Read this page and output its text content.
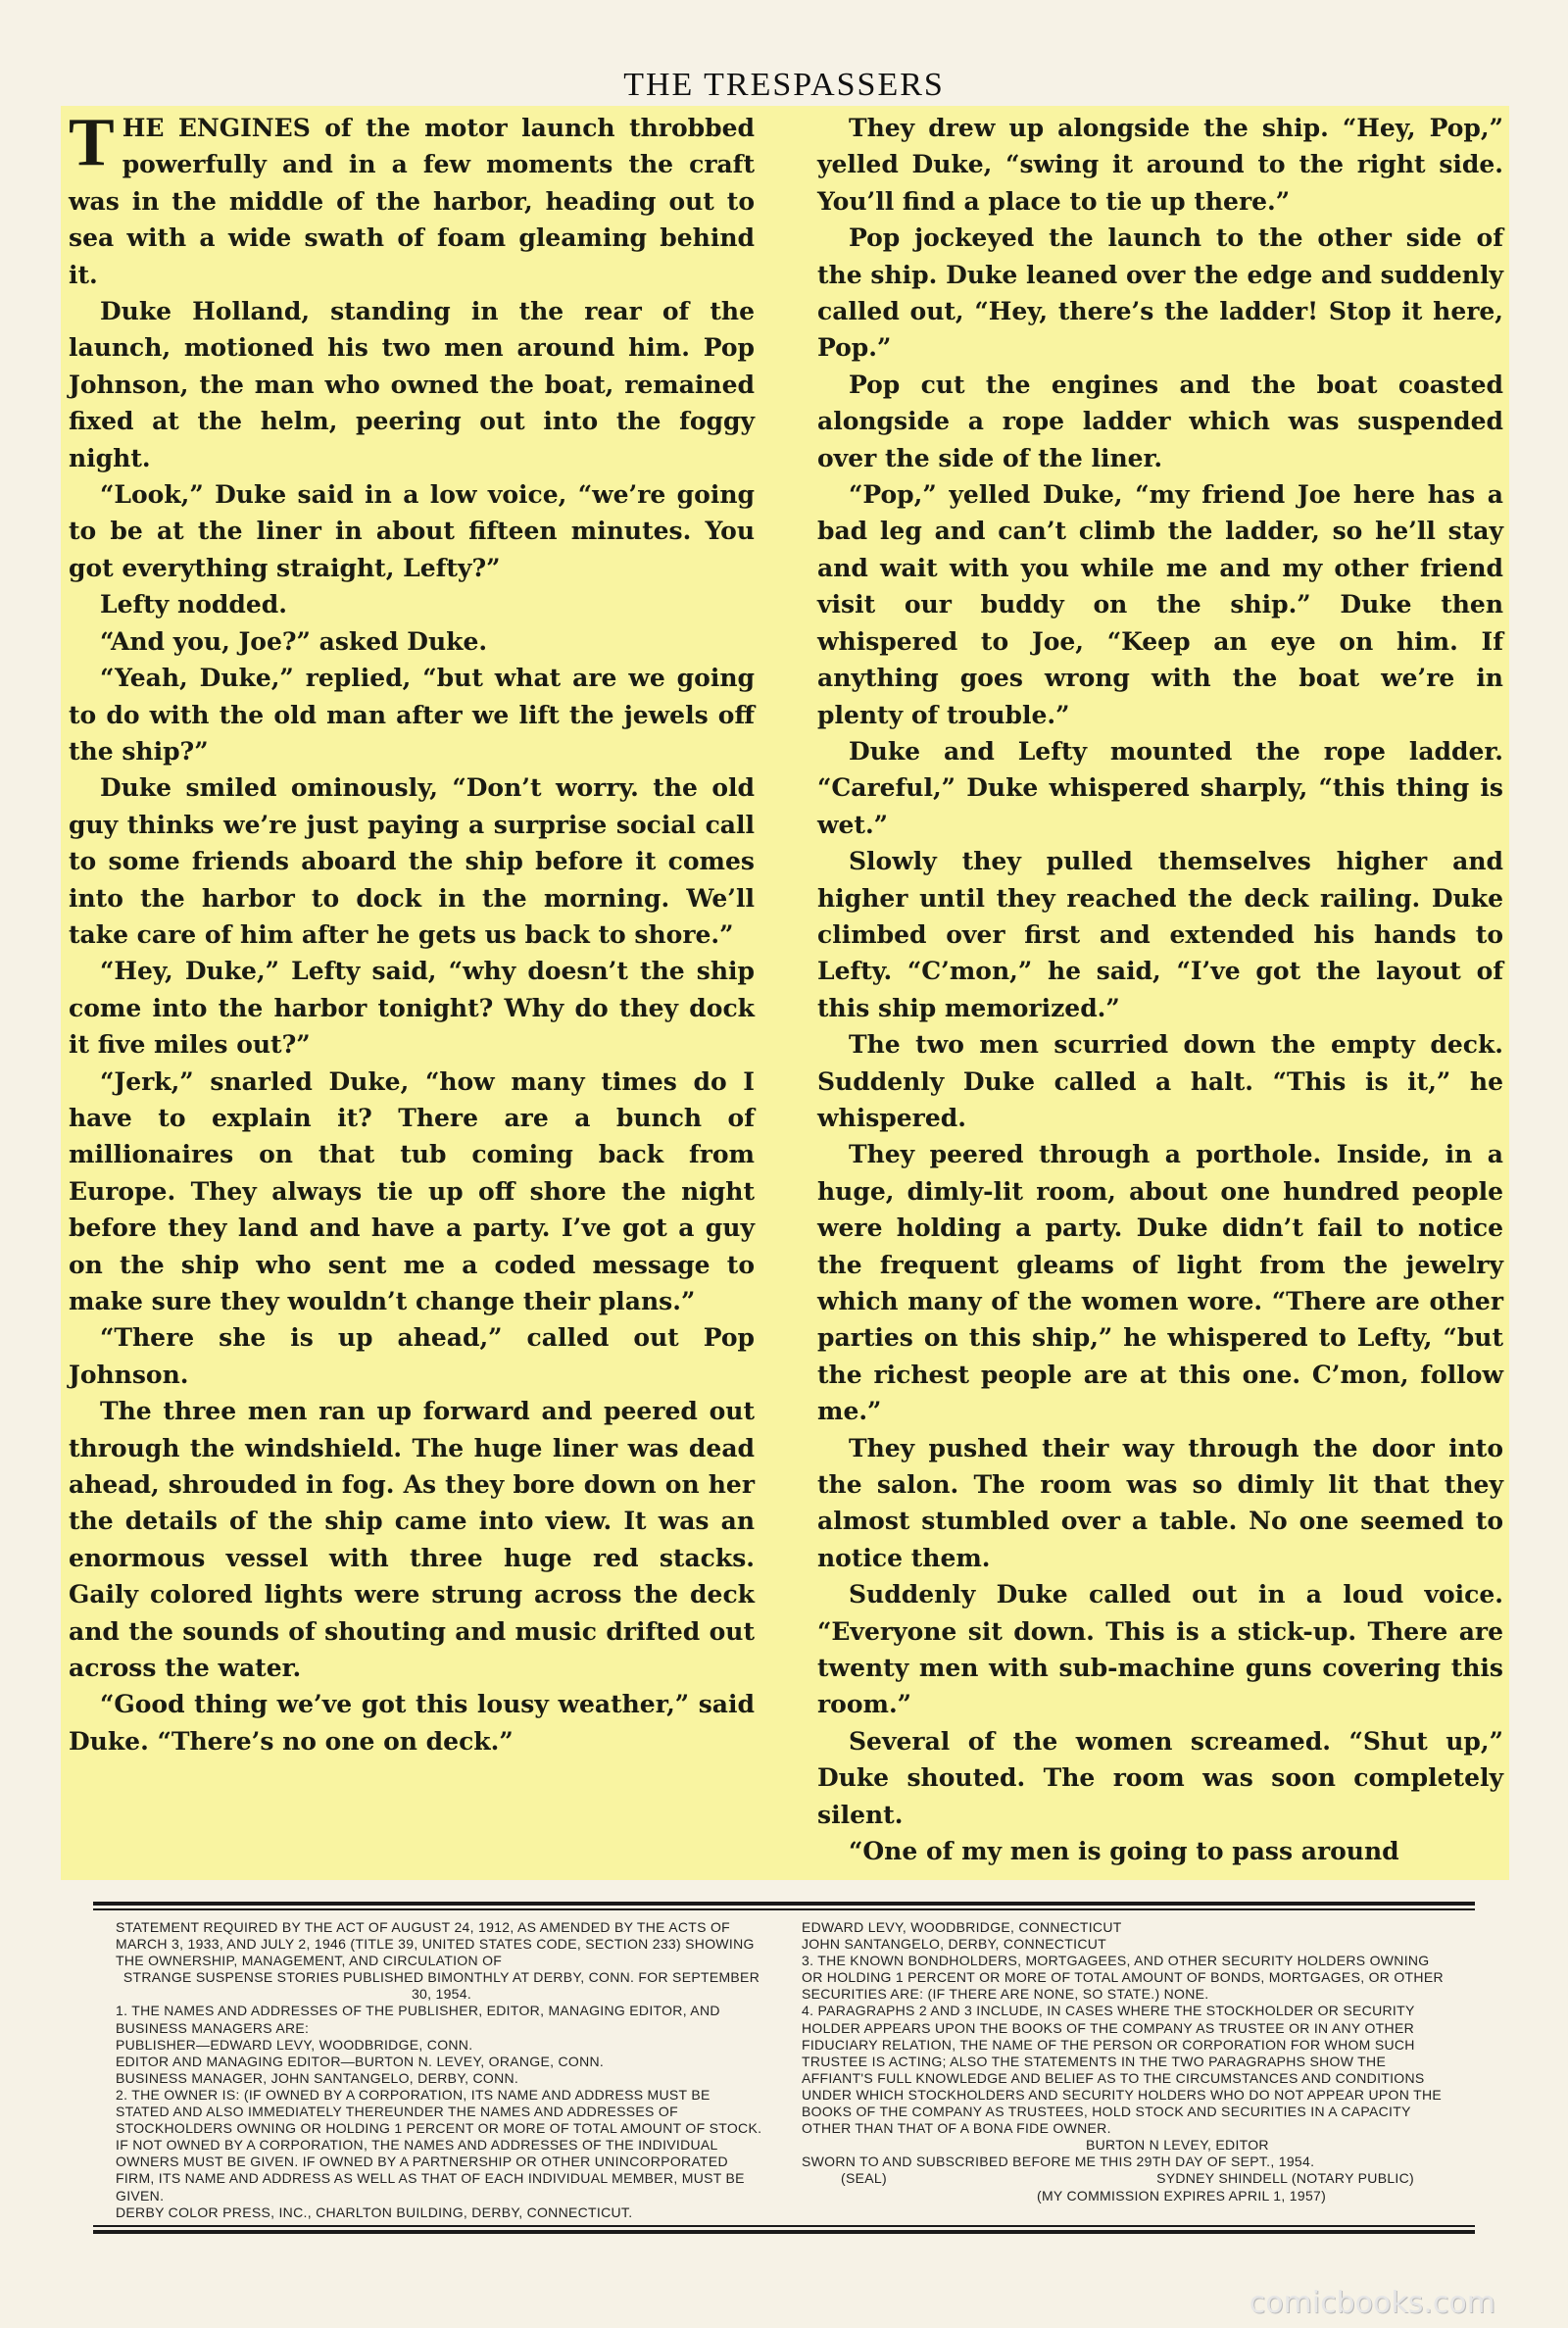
THE TRESPASSERS

THE ENGINES of the motor launch throbbed powerfully and in a few moments the craft was in the middle of the harbor, heading out to sea with a wide swath of foam gleaming behind it.

Duke Holland, standing in the rear of the launch, motioned his two men around him. Pop Johnson, the man who owned the boat, remained fixed at the helm, peering out into the foggy night.

“Look,” Duke said in a low voice, “we’re going to be at the liner in about fifteen minutes. You got everything straight, Lefty?”

Lefty nodded.

“And you, Joe?” asked Duke.

“Yeah, Duke,” replied, “but what are we going to do with the old man after we lift the jewels off the ship?”

Duke smiled ominously, “Don’t worry. the old guy thinks we’re just paying a surprise social call to some friends aboard the ship before it comes into the harbor to dock in the morning. We’ll take care of him after he gets us back to shore.”

“Hey, Duke,” Lefty said, “why doesn’t the ship come into the harbor tonight? Why do they dock it five miles out?”

“Jerk,” snarled Duke, “how many times do I have to explain it? There are a bunch of millionaires on that tub coming back from Europe. They always tie up off shore the night before they land and have a party. I’ve got a guy on the ship who sent me a coded message to make sure they wouldn’t change their plans.”

“There she is up ahead,” called out Pop Johnson.

The three men ran up forward and peered out through the windshield. The huge liner was dead ahead, shrouded in fog. As they bore down on her the details of the ship came into view. It was an enormous vessel with three huge red stacks. Gaily colored lights were strung across the deck and the sounds of shouting and music drifted out across the water.

“Good thing we’ve got this lousy weather,” said Duke. “There’s no one on deck.”

They drew up alongside the ship. “Hey, Pop,” yelled Duke, “swing it around to the right side. You’ll find a place to tie up there.”

Pop jockeyed the launch to the other side of the ship. Duke leaned over the edge and suddenly called out, “Hey, there’s the ladder! Stop it here, Pop.”

Pop cut the engines and the boat coasted alongside a rope ladder which was suspended over the side of the liner.

“Pop,” yelled Duke, “my friend Joe here has a bad leg and can’t climb the ladder, so he’ll stay and wait with you while me and my other friend visit our buddy on the ship.” Duke then whispered to Joe, “Keep an eye on him. If anything goes wrong with the boat we’re in plenty of trouble.”

Duke and Lefty mounted the rope ladder. “Careful,” Duke whispered sharply, “this thing is wet.”

Slowly they pulled themselves higher and higher until they reached the deck railing. Duke climbed over first and extended his hands to Lefty. “C’mon,” he said, “I’ve got the layout of this ship memorized.”

The two men scurried down the empty deck. Suddenly Duke called a halt. “This is it,” he whispered.

They peered through a porthole. Inside, in a huge, dimly-lit room, about one hundred people were holding a party. Duke didn’t fail to notice the frequent gleams of light from the jewelry which many of the women wore. “There are other parties on this ship,” he whispered to Lefty, “but the richest people are at this one. C’mon, follow me.”

They pushed their way through the door into the salon. The room was so dimly lit that they almost stumbled over a table. No one seemed to notice them.

Suddenly Duke called out in a loud voice. “Everyone sit down. This is a stick-up. There are twenty men with sub-machine guns covering this room.”

Several of the women screamed. “Shut up,” Duke shouted. The room was soon completely silent.

“One of my men is going to pass around

STATEMENT REQUIRED BY THE ACT OF AUGUST 24, 1912, AS AMENDED BY THE ACTS OF MARCH 3, 1933, AND JULY 2, 1946 (TITLE 39, UNITED STATES CODE, SECTION 233) SHOWING THE OWNERSHIP, MANAGEMENT, AND CIRCULATION OF
STRANGE SUSPENSE STORIES PUBLISHED BIMONTHLY AT DERBY, CONN. FOR SEPTEMBER 30, 1954.
1. THE NAMES AND ADDRESSES OF THE PUBLISHER, EDITOR, MANAGING EDITOR, AND BUSINESS MANAGERS ARE:
PUBLISHER—EDWARD LEVY, WOODBRIDGE, CONN.
EDITOR AND MANAGING EDITOR—BURTON N. LEVEY, ORANGE, CONN.
BUSINESS MANAGER, JOHN SANTANGELO, DERBY, CONN.
2. THE OWNER IS: (IF OWNED BY A CORPORATION, ITS NAME AND ADDRESS MUST BE STATED AND ALSO IMMEDIATELY THEREUNDER THE NAMES AND ADDRESSES OF STOCKHOLDERS OWNING OR HOLDING 1 PERCENT OR MORE OF TOTAL AMOUNT OF STOCK. IF NOT OWNED BY A CORPORATION, THE NAMES AND ADDRESSES OF THE INDIVIDUAL OWNERS MUST BE GIVEN. IF OWNED BY A PARTNERSHIP OR OTHER UNINCORPORATED FIRM, ITS NAME AND ADDRESS AS WELL AS THAT OF EACH INDIVIDUAL MEMBER, MUST BE GIVEN.
DERBY COLOR PRESS, INC., CHARLTON BUILDING, DERBY, CONNECTICUT.
EDWARD LEVY, WOODBRIDGE, CONNECTICUT
JOHN SANTANGELO, DERBY, CONNECTICUT
3. THE KNOWN BONDHOLDERS, MORTGAGEES, AND OTHER SECURITY HOLDERS OWNING OR HOLDING 1 PERCENT OR MORE OF TOTAL AMOUNT OF BONDS, MORTGAGES, OR OTHER SECURITIES ARE: (IF THERE ARE NONE, SO STATE.) NONE.
4. PARAGRAPHS 2 AND 3 INCLUDE, IN CASES WHERE THE STOCKHOLDER OR SECURITY HOLDER APPEARS UPON THE BOOKS OF THE COMPANY AS TRUSTEE OR IN ANY OTHER FIDUCIARY RELATION, THE NAME OF THE PERSON OR CORPORATION FOR WHOM SUCH TRUSTEE IS ACTING; ALSO THE STATEMENTS IN THE TWO PARAGRAPHS SHOW THE AFFIANT'S FULL KNOWLEDGE AND BELIEF AS TO THE CIRCUMSTANCES AND CONDITIONS UNDER WHICH STOCKHOLDERS AND SECURITY HOLDERS WHO DO NOT APPEAR UPON THE BOOKS OF THE COMPANY AS TRUSTEES, HOLD STOCK AND SECURITIES IN A CAPACITY OTHER THAN THAT OF A BONA FIDE OWNER.
BURTON N LEVEY, EDITOR
SWORN TO AND SUBSCRIBED BEFORE ME THIS 29TH DAY OF SEPT., 1954.
(SEAL)	SYDNEY SHINDELL (NOTARY PUBLIC)
(MY COMMISSION EXPIRES APRIL 1, 1957)
comicbooks.com
